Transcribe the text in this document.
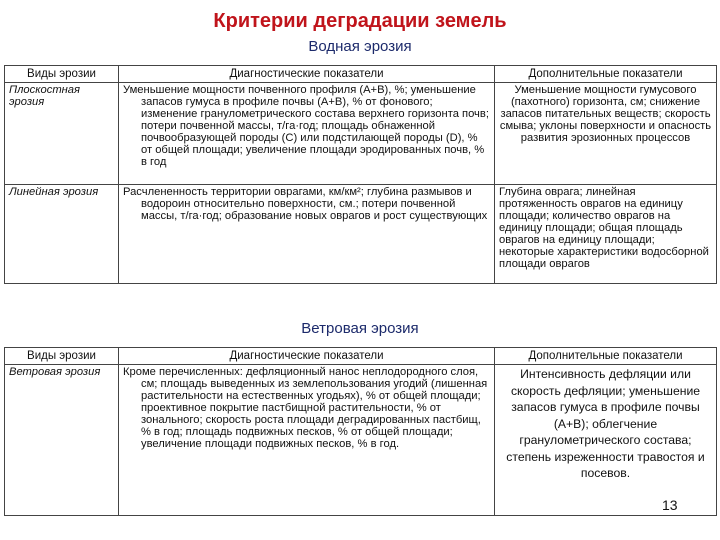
Критерии деградации земель
Водная эрозия
Виды эрозии	Диагностические показатели	Дополнительные показатели
Плоскостная эрозия	Уменьшение мощности почвенного профиля (А+В), %; уменьшение запасов гумуса в профиле почвы (А+В), % от фонового; изменение гранулометрического состава верхнего горизонта почв; потери почвенной массы, т/га·год; площадь обнаженной почвообразующей породы (С) или подстилающей породы (D), % от общей площади; увеличение площади эродированных почв, % в год	Уменьшение мощности гумусового (пахотного) горизонта, см; снижение запасов питательных веществ; скорость смыва; уклоны поверхности и опасность развития эрозионных процессов
Линейная эрозия	Расчлененность территории оврагами, км/км²; глубина размывов и водороин относительно поверхности, см.; потери почвенной массы, т/га·год; образование новых оврагов и рост существующих	Глубина оврага; линейная протяженность оврагов на единицу площади; количество оврагов на единицу площади; общая площадь оврагов на единицу площади; некоторые характеристики водосборной площади оврагов
Ветровая эрозия
Виды эрозии	Диагностические показатели	Дополнительные показатели
Ветровая эрозия	Кроме перечисленных: дефляционный нанос неплодородного слоя, см; площадь выведенных из землепользования угодий (лишенная растительности на естественных угодьях), % от общей площади; проективное покрытие пастбищной растительности, % от зонального; скорость роста площади деградированных пастбищ, % в год; площадь подвижных песков, % от общей площади; увеличение площади подвижных песков, % в год.	Интенсивность дефляции или скорость дефляции; уменьшение запасов гумуса в профиле почвы (А+В); облегчение гранулометрического состава; степень изреженности травостоя и посевов.
13
